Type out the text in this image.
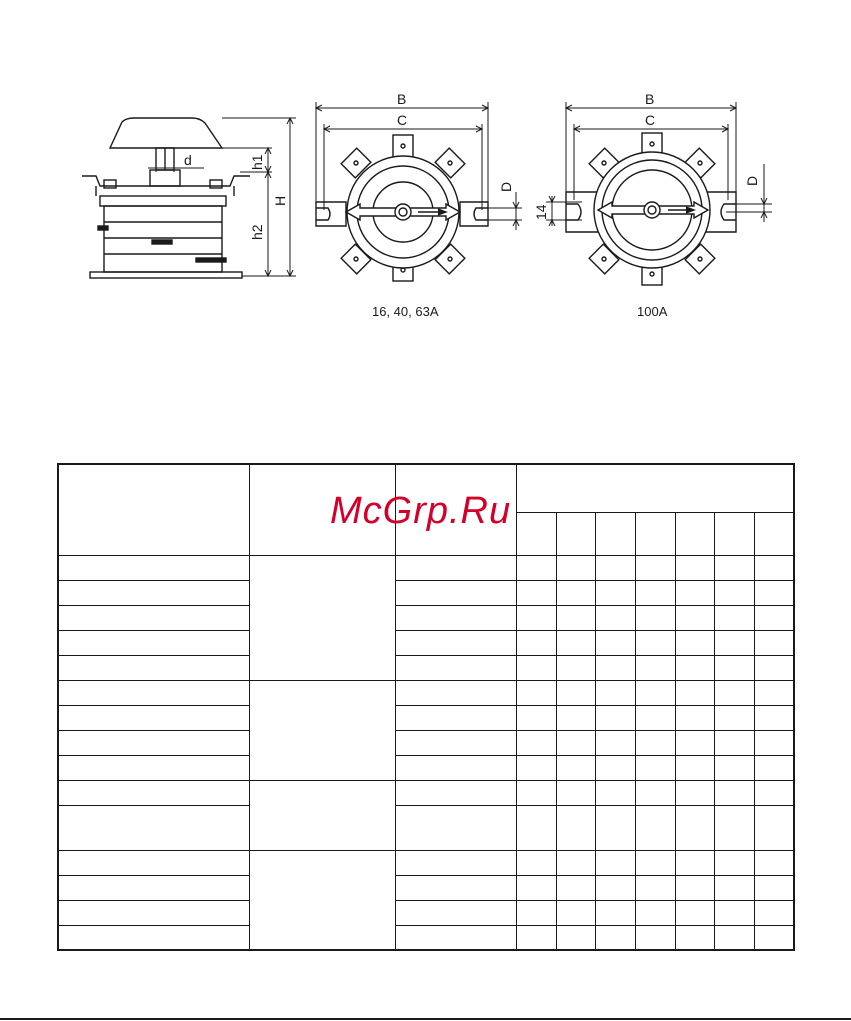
d	h1
h2
H
B
C
D
B
C
14
D
16, 40, 63A	100A

McGrp.Ru
